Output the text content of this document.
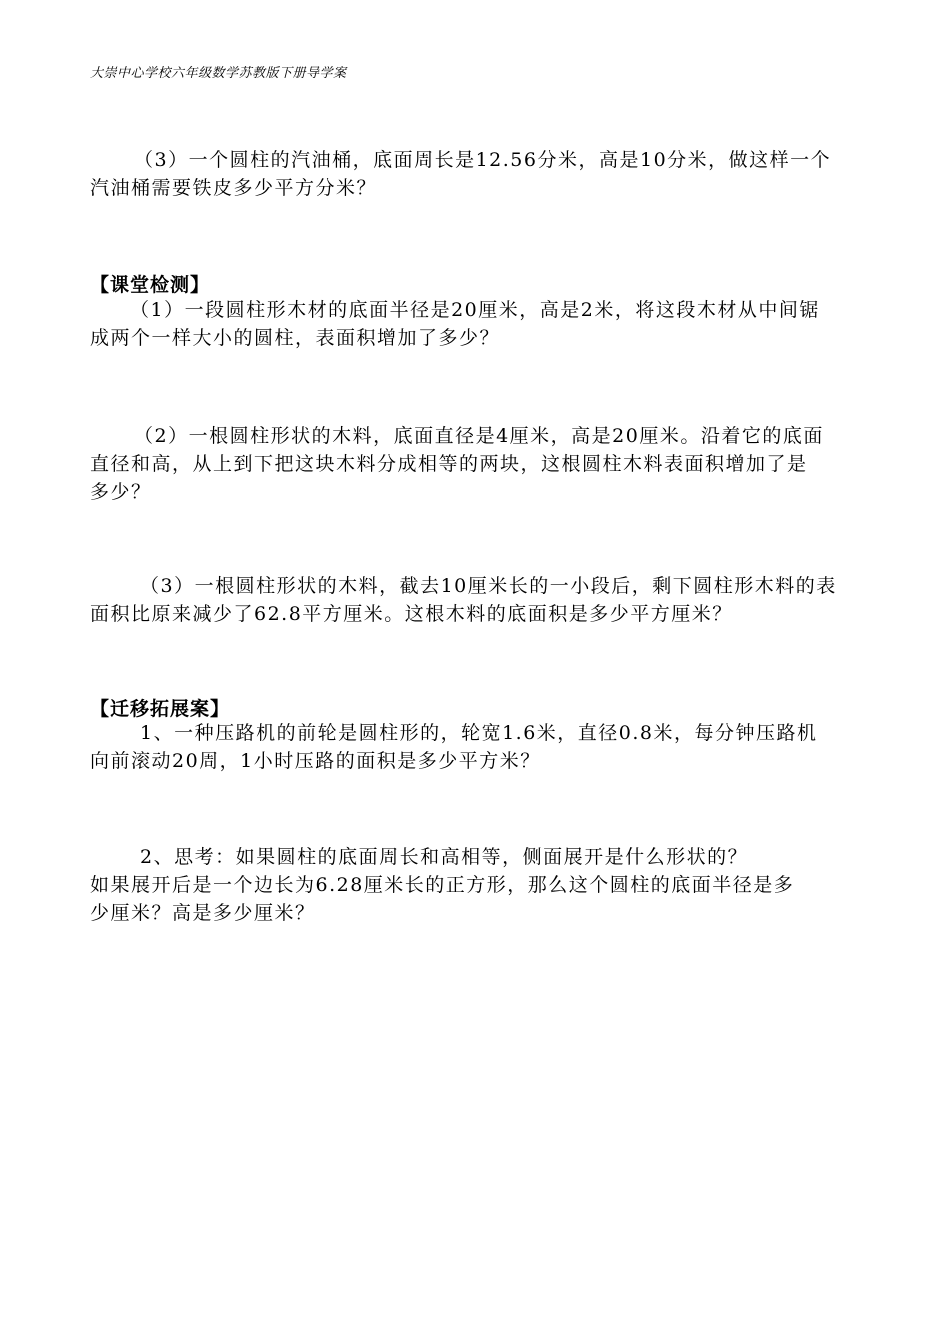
大崇中心学校六年级数学苏教版下册导学案

（3）一个圆柱的汽油桶，底面周长是12.56分米，高是10分米，做这样一个

汽油桶需要铁皮多少平方分米？

【课堂检测】

（1）一段圆柱形木材的底面半径是20厘米，高是2米，将这段木材从中间锯

成两个一样大小的圆柱，表面积增加了多少？

（2）一根圆柱形状的木料，底面直径是4厘米，高是20厘米。沿着它的底面

直径和高，从上到下把这块木料分成相等的两块，这根圆柱木料表面积增加了是

多少？

（3）一根圆柱形状的木料，截去10厘米长的一小段后，剩下圆柱形木料的表

面积比原来减少了62.8平方厘米。这根木料的底面积是多少平方厘米？

【迁移拓展案】

1、一种压路机的前轮是圆柱形的，轮宽1.6米，直径0.8米，每分钟压路机

向前滚动20周，1小时压路的面积是多少平方米？

2、思考：如果圆柱的底面周长和高相等，侧面展开是什么形状的？

如果展开后是一个边长为6.28厘米长的正方形，那么这个圆柱的底面半径是多

少厘米？高是多少厘米？
